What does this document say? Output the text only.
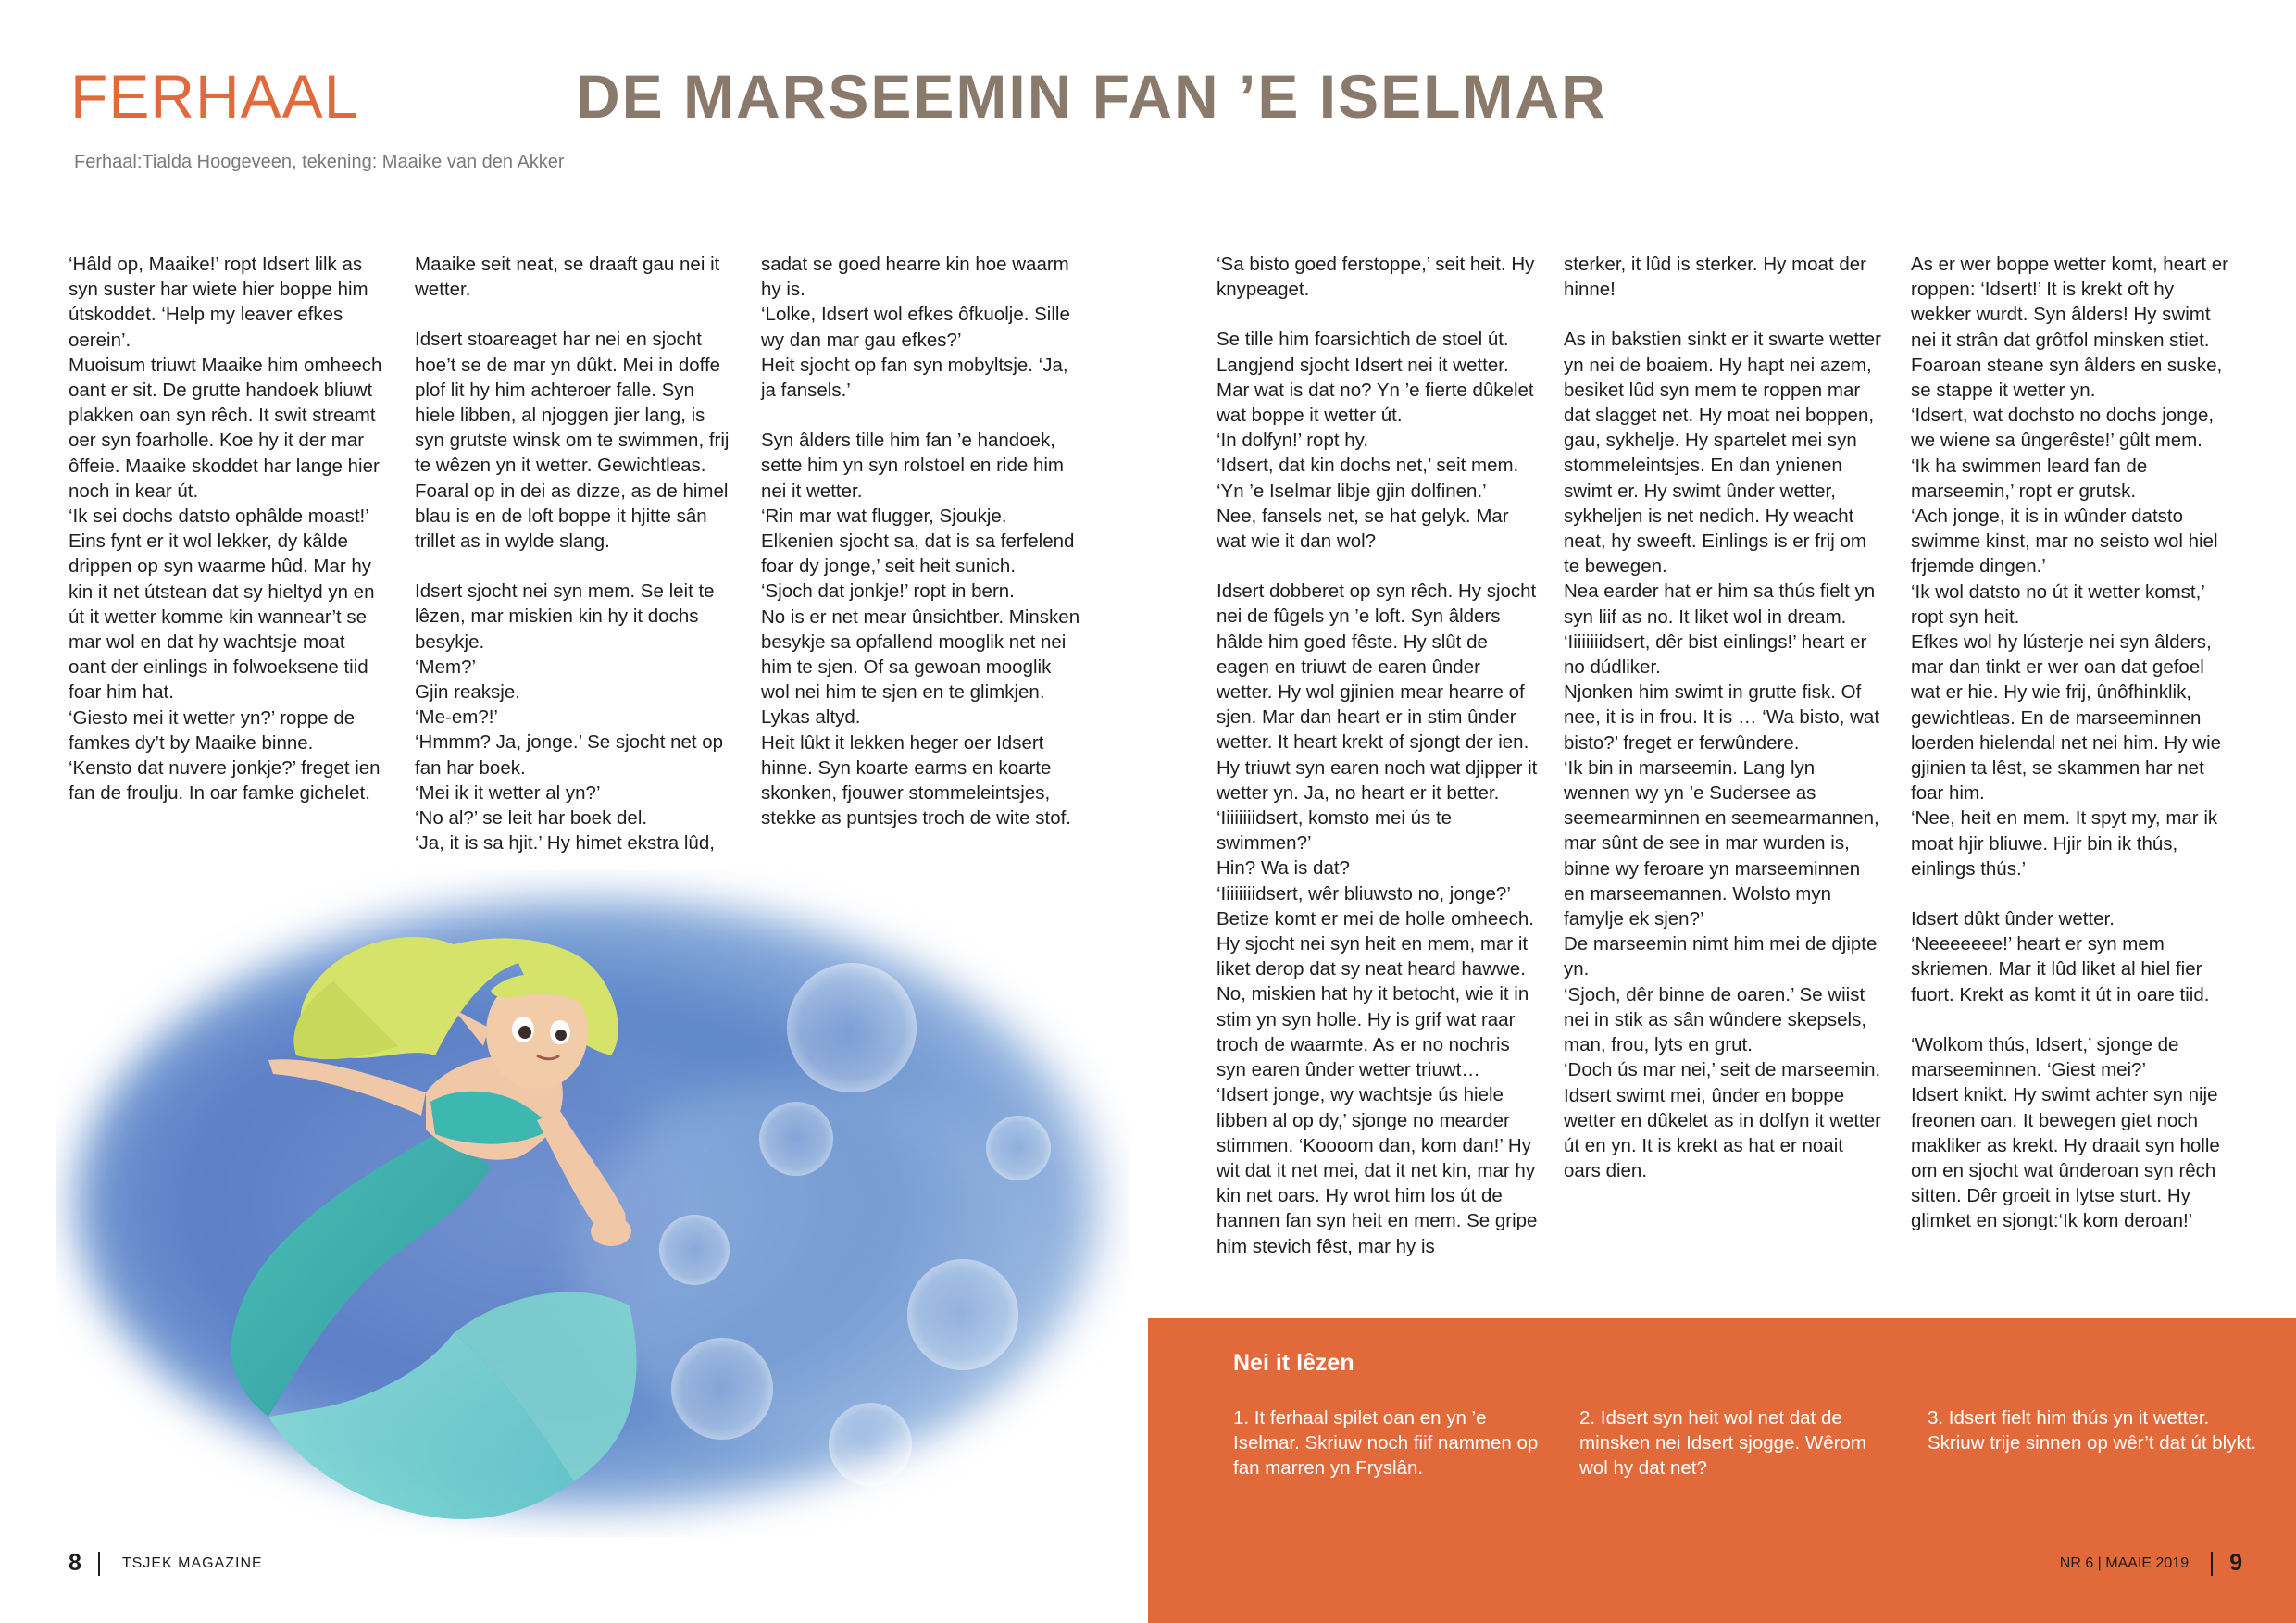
FERHAAL	DE MARSEEMIN FAN ’E ISELMAR
Ferhaal:Tialda Hoogeveen, tekening: Maaike van den Akker

‘Hâld op, Maaike!’ ropt Idsert lilk as syn suster har wiete hier boppe him útskoddet. ‘Help my leaver efkes oerein’.

Muoisum triuwt Maaike him omheech oant er sit. De grutte handoek bliuwt plakken oan syn rêch. It swit streamt oer syn foarholle. Koe hy it der mar ôffeie. Maaike skoddet har lange hier noch in kear út.

‘Ik sei dochs datsto ophâlde moast!’ Eins fynt er it wol lekker, dy kâlde drippen op syn waarme hûd. Mar hy kin it net útstean dat sy hieltyd yn en út it wetter komme kin wannear’t se mar wol en dat hy wachtsje moat oant der einlings in folwoeksene tiid foar him hat.

‘Giesto mei it wetter yn?’ roppe de famkes dy’t by Maaike binne.

‘Kensto dat nuvere jonkje?’ freget ien fan de froulju. In oar famke gichelet.

Maaike seit neat, se draaft gau nei it wetter.

Idsert stoareaget har nei en sjocht hoe’t se de mar yn dûkt. Mei in doffe plof lit hy him achteroer falle. Syn hiele libben, al njoggen jier lang, is syn grutste winsk om te swimmen, frij te wêzen yn it wetter. Gewichtleas. Foaral op in dei as dizze, as de himel blau is en de loft boppe it hjitte sân trillet as in wylde slang.

Idsert sjocht nei syn mem. Se leit te lêzen, mar miskien kin hy it dochs besykje.

‘Mem?’

Gjin reaksje.

‘Me-em?!’

‘Hmmm? Ja, jonge.’ Se sjocht net op fan har boek.

‘Mei ik it wetter al yn?’

‘No al?’ se leit har boek del.

‘Ja, it is sa hjit.’ Hy himet ekstra lûd,

sadat se goed hearre kin hoe waarm hy is.

‘Lolke, Idsert wol efkes ôfkuolje. Sille wy dan mar gau efkes?’

Heit sjocht op fan syn mobyltsje. ‘Ja, ja fansels.’

Syn âlders tille him fan ’e handoek, sette him yn syn rolstoel en ride him nei it wetter.

‘Rin mar wat flugger, Sjoukje. Elkenien sjocht sa, dat is sa ferfelend foar dy jonge,’ seit heit sunich.

‘Sjoch dat jonkje!’ ropt in bern.

No is er net mear ûnsichtber. Minsken besykje sa opfallend mooglik net nei him te sjen. Of sa gewoan mooglik wol nei him te sjen en te glimkjen. Lykas altyd.

Heit lûkt it lekken heger oer Idsert hinne. Syn koarte earms en koarte skonken, fjouwer stommeleintsjes, stekke as puntsjes troch de wite stof.

‘Sa bisto goed ferstoppe,’ seit heit. Hy knypeaget.

Se tille him foarsichtich de stoel út. Langjend sjocht Idsert nei it wetter. Mar wat is dat no? Yn ’e fierte dûkelet wat boppe it wetter út.

‘In dolfyn!’ ropt hy.

‘Idsert, dat kin dochs net,’ seit mem. ‘Yn ’e Iselmar libje gjin dolfinen.’

Nee, fansels net, se hat gelyk. Mar wat wie it dan wol?

Idsert dobberet op syn rêch. Hy sjocht nei de fûgels yn ’e loft. Syn âlders hâlde him goed fêste. Hy slût de eagen en triuwt de earen ûnder wetter. Hy wol gjinien mear hearre of sjen. Mar dan heart er in stim ûnder wetter. It heart krekt of sjongt der ien. Hy triuwt syn earen noch wat djipper it wetter yn. Ja, no heart er it better. ‘Iiiiiiiidsert, komsto mei ús te swimmen?’

Hin? Wa is dat?

‘Iiiiiiiidsert, wêr bliuwsto no, jonge?’ Betize komt er mei de holle omheech. Hy sjocht nei syn heit en mem, mar it liket derop dat sy neat heard hawwe. No, miskien hat hy it betocht, wie it in stim yn syn holle. Hy is grif wat raar troch de waarmte. As er no nochris syn earen ûnder wetter triuwt…

‘Idsert jonge, wy wachtsje ús hiele libben al op dy,’ sjonge no mearder stimmen. ‘Koooom dan, kom dan!’ Hy wit dat it net mei, dat it net kin, mar hy kin net oars. Hy wrot him los út de hannen fan syn heit en mem. Se gripe him stevich fêst, mar hy is

sterker, it lûd is sterker. Hy moat der hinne!

As in bakstien sinkt er it swarte wetter yn nei de boaiem. Hy hapt nei azem, besiket lûd syn mem te roppen mar dat slagget net. Hy moat nei boppen, gau, sykhelje. Hy spartelet mei syn stommeleintsjes. En dan ynienen swimt er. Hy swimt ûnder wetter, sykheljen is net nedich. Hy weacht neat, hy sweeft. Einlings is er frij om te bewegen.

Nea earder hat er him sa thús fielt yn syn liif as no. It liket wol in dream.

‘Iiiiiiiidsert, dêr bist einlings!’ heart er no dúdliker.

Njonken him swimt in grutte fisk. Of nee, it is in frou. It is … ‘Wa bisto, wat bisto?’ freget er ferwûndere.

‘Ik bin in marseemin. Lang lyn wennen wy yn ’e Sudersee as seemearminnen en seemearmannen, mar sûnt de see in mar wurden is, binne wy feroare yn marseeminnen en marseemannen. Wolsto myn famylje ek sjen?’

De marseemin nimt him mei de djipte yn.

‘Sjoch, dêr binne de oaren.’ Se wiist nei in stik as sân wûndere skepsels, man, frou, lyts en grut.

‘Doch ús mar nei,’ seit de marseemin.

Idsert swimt mei, ûnder en boppe wetter en dûkelet as in dolfyn it wetter út en yn. It is krekt as hat er noait oars dien.

As er wer boppe wetter komt, heart er roppen: ‘Idsert!’ It is krekt oft hy wekker wurdt. Syn âlders! Hy swimt nei it strân dat grôtfol minsken stiet. Foaroan steane syn âlders en suske, se stappe it wetter yn.

‘Idsert, wat dochsto no dochs jonge, we wiene sa ûngerêste!’ gûlt mem.

‘Ik ha swimmen leard fan de marseemin,’ ropt er grutsk.

‘Ach jonge, it is in wûnder datsto swimme kinst, mar no seisto wol hiel frjemde dingen.’

‘Ik wol datsto no út it wetter komst,’ ropt syn heit.

Efkes wol hy lústerje nei syn âlders, mar dan tinkt er wer oan dat gefoel wat er hie. Hy wie frij, ûnôfhinklik, gewichtleas. En de marseeminnen loerden hielendal net nei him. Hy wie gjinien ta lêst, se skammen har net foar him.

‘Nee, heit en mem. It spyt my, mar ik moat hjir bliuwe. Hjir bin ik thús, einlings thús.’

Idsert dûkt ûnder wetter.

‘Neeeeeee!’ heart er syn mem skriemen. Mar it lûd liket al hiel fier fuort. Krekt as komt it út in oare tiid.

‘Wolkom thús, Idsert,’ sjonge de marseeminnen. ‘Giest mei?’

Idsert knikt. Hy swimt achter syn nije freonen oan. It bewegen giet noch makliker as krekt. Hy draait syn holle om en sjocht wat ûnderoan syn rêch sitten. Dêr groeit in lytse sturt. Hy glimket en sjongt:‘Ik kom deroan!’

Nei it lêzen
1. It ferhaal spilet oan en yn ’e Iselmar. Skriuw noch fiif nammen op fan marren yn Fryslân.
2. Idsert syn heit wol net dat de minsken nei Idsert sjogge. Wêrom wol hy dat net?
3. Idsert fielt him thús yn it wetter. Skriuw trije sinnen op wêr’t dat út blykt.
8	TSJEK MAGAZINE	NR 6 | MAAIE 2019 9
